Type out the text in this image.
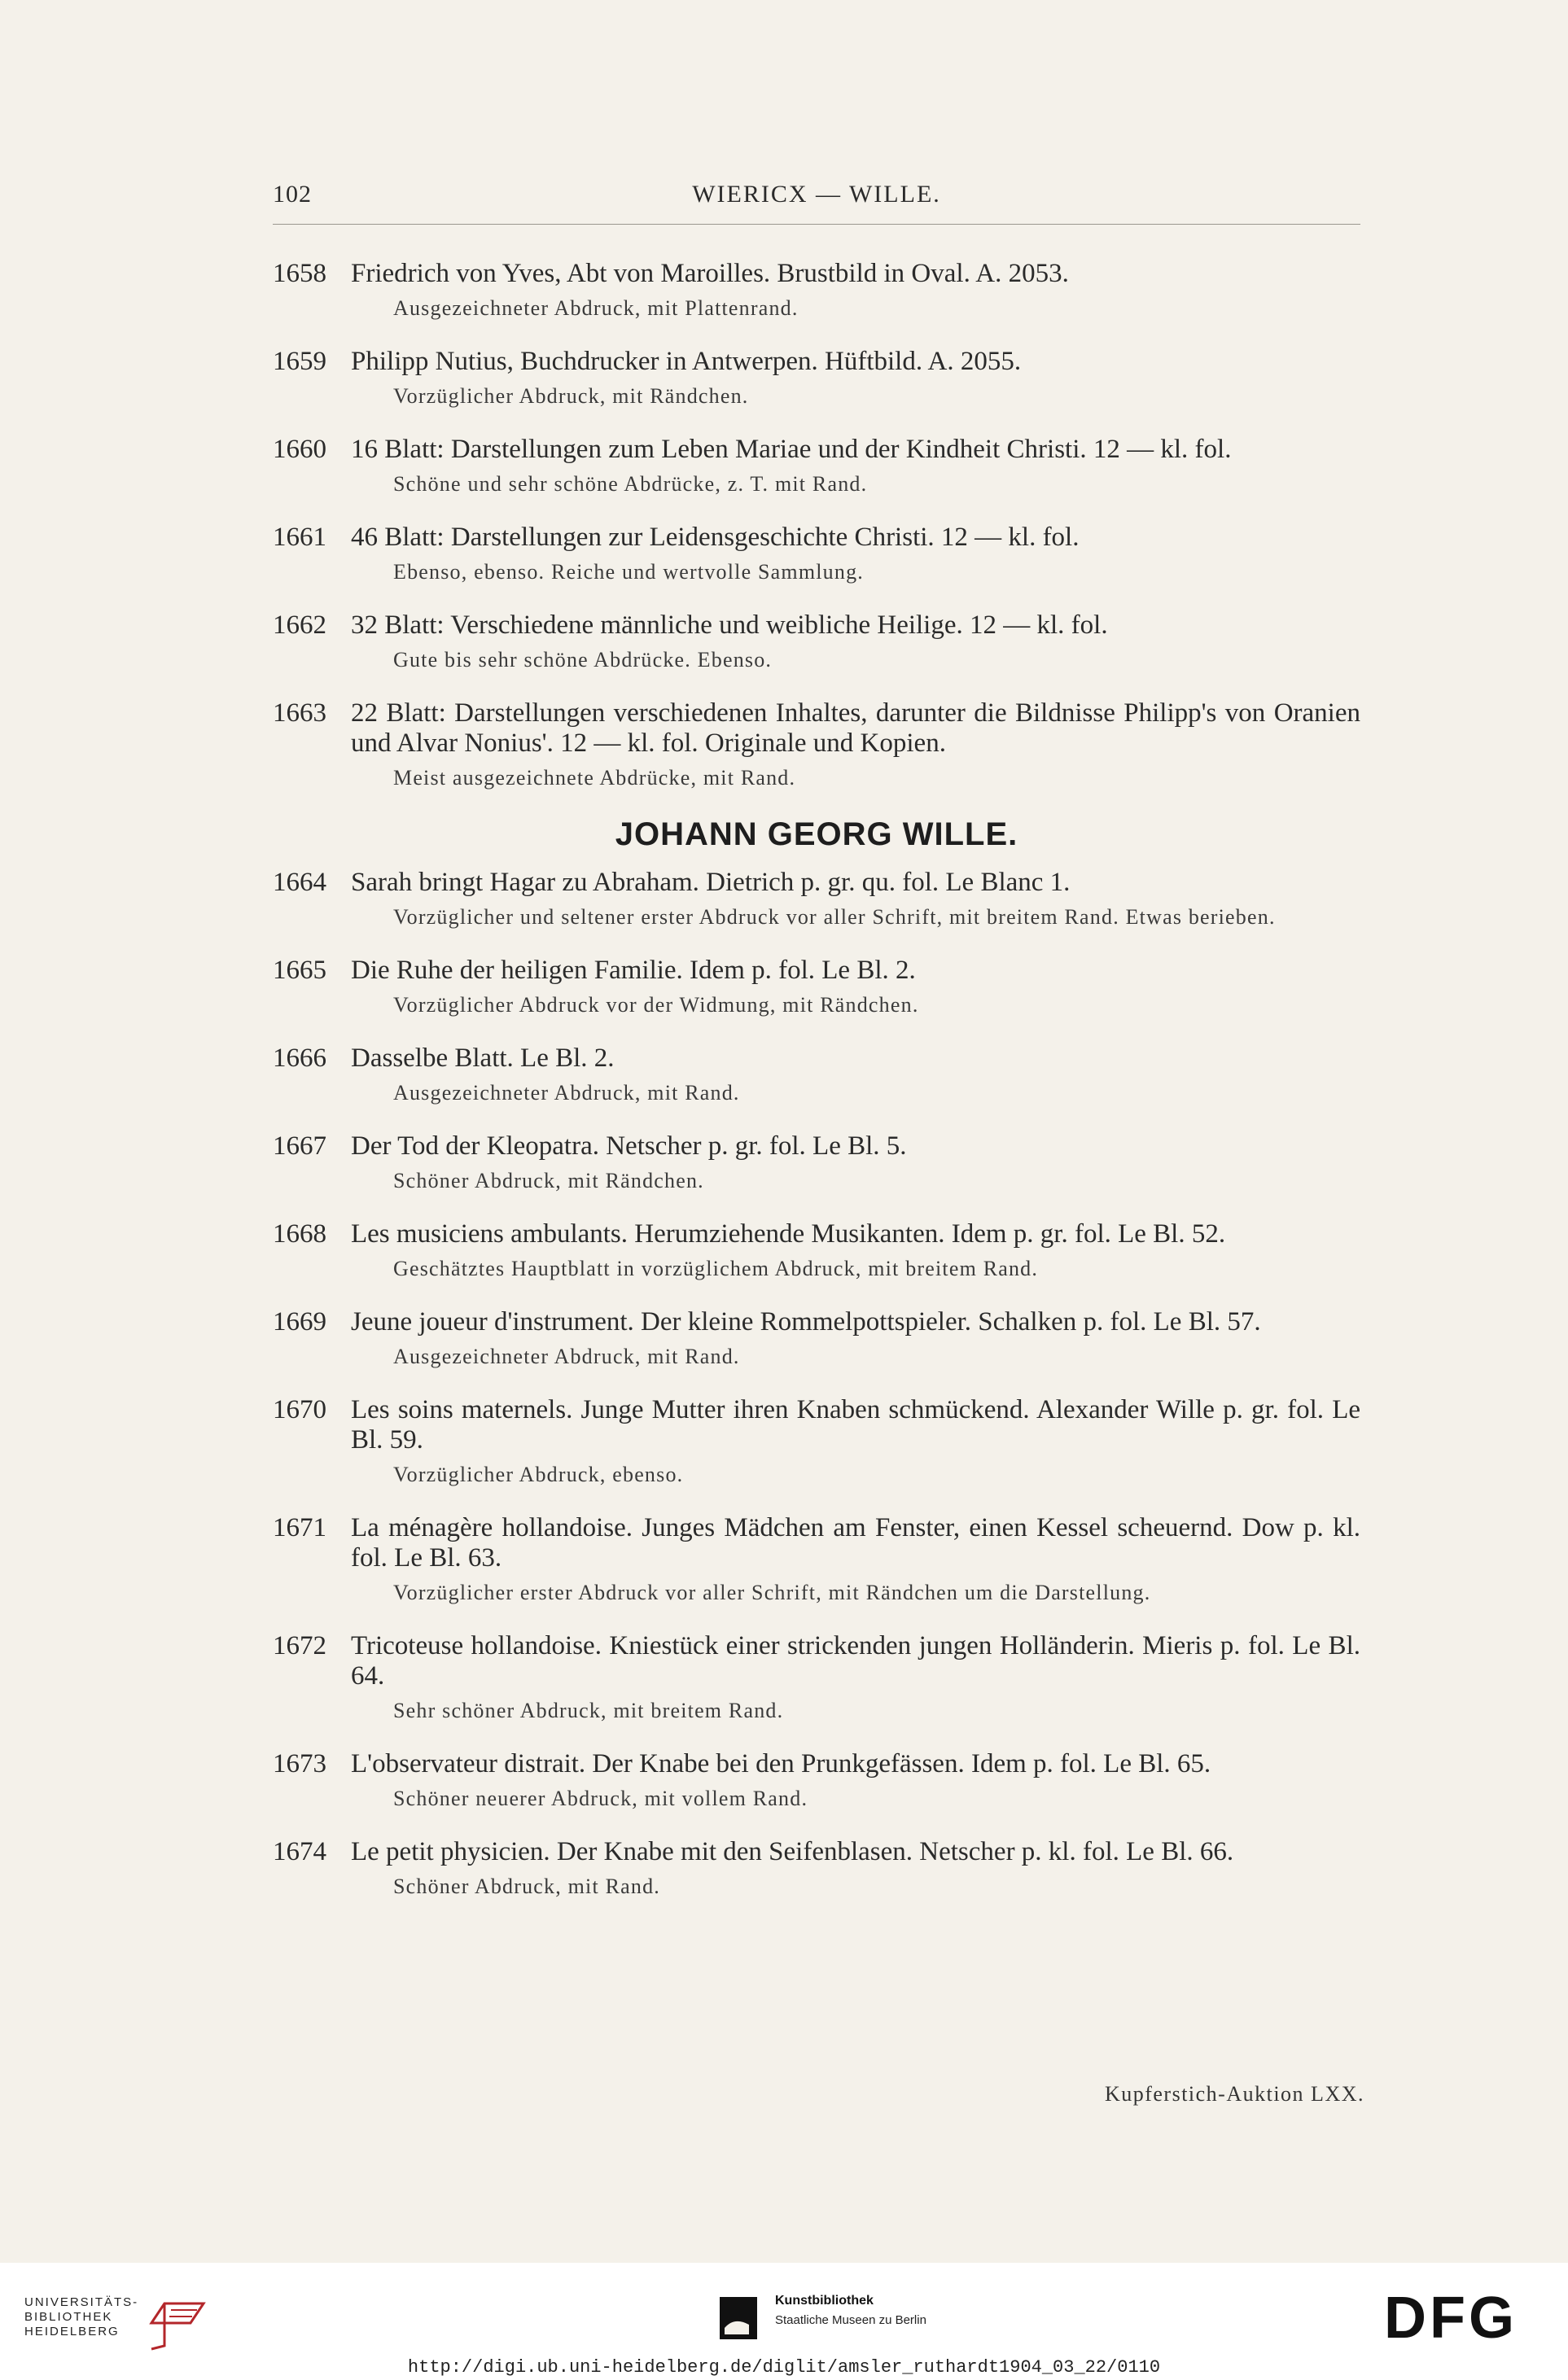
102	WIERICX — WILLE.
1658 Friedrich von Yves, Abt von Maroilles. Brustbild in Oval. A. 2053.
Ausgezeichneter Abdruck, mit Plattenrand.
1659 Philipp Nutius, Buchdrucker in Antwerpen. Hüftbild. A. 2055.
Vorzüglicher Abdruck, mit Rändchen.
1660 16 Blatt: Darstellungen zum Leben Mariae und der Kindheit Christi. 12 — kl. fol.
Schöne und sehr schöne Abdrücke, z. T. mit Rand.
1661 46 Blatt: Darstellungen zur Leidensgeschichte Christi. 12 — kl. fol.
Ebenso, ebenso. Reiche und wertvolle Sammlung.
1662 32 Blatt: Verschiedene männliche und weibliche Heilige. 12 — kl. fol.
Gute bis sehr schöne Abdrücke. Ebenso.
1663 22 Blatt: Darstellungen verschiedenen Inhaltes, darunter die Bildnisse Philipp's von Oranien und Alvar Nonius'. 12 — kl. fol. Originale und Kopien.
Meist ausgezeichnete Abdrücke, mit Rand.
JOHANN GEORG WILLE.
1664 Sarah bringt Hagar zu Abraham. Dietrich p. gr. qu. fol. Le Blanc 1.
Vorzüglicher und seltener erster Abdruck vor aller Schrift, mit breitem Rand. Etwas berieben.
1665 Die Ruhe der heiligen Familie. Idem p. fol. Le Bl. 2.
Vorzüglicher Abdruck vor der Widmung, mit Rändchen.
1666 Dasselbe Blatt. Le Bl. 2.
Ausgezeichneter Abdruck, mit Rand.
1667 Der Tod der Kleopatra. Netscher p. gr. fol. Le Bl. 5.
Schöner Abdruck, mit Rändchen.
1668 Les musiciens ambulants. Herumziehende Musikanten. Idem p. gr. fol. Le Bl. 52.
Geschätztes Hauptblatt in vorzüglichem Abdruck, mit breitem Rand.
1669 Jeune joueur d'instrument. Der kleine Rommelpottspieler. Schalken p. fol. Le Bl. 57.
Ausgezeichneter Abdruck, mit Rand.
1670 Les soins maternels. Junge Mutter ihren Knaben schmückend. Alexander Wille p. gr. fol. Le Bl. 59.
Vorzüglicher Abdruck, ebenso.
1671 La ménagère hollandoise. Junges Mädchen am Fenster, einen Kessel scheuernd. Dow p. kl. fol. Le Bl. 63.
Vorzüglicher erster Abdruck vor aller Schrift, mit Rändchen um die Darstellung.
1672 Tricoteuse hollandoise. Kniestück einer strickenden jungen Holländerin. Mieris p. fol. Le Bl. 64.
Sehr schöner Abdruck, mit breitem Rand.
1673 L'observateur distrait. Der Knabe bei den Prunkgefässen. Idem p. fol. Le Bl. 65.
Schöner neuerer Abdruck, mit vollem Rand.
1674 Le petit physicien. Der Knabe mit den Seifenblasen. Netscher p. kl. fol. Le Bl. 66.
Schöner Abdruck, mit Rand.
Kupferstich-Auktion LXX.
UNIVERSITÄTS-
BIBLIOTHEK
HEIDELBERG
Kunstbibliothek
Staatliche Museen zu Berlin	DFG
http://digi.ub.uni-heidelberg.de/diglit/amsler_ruthardt1904_03_22/0110
